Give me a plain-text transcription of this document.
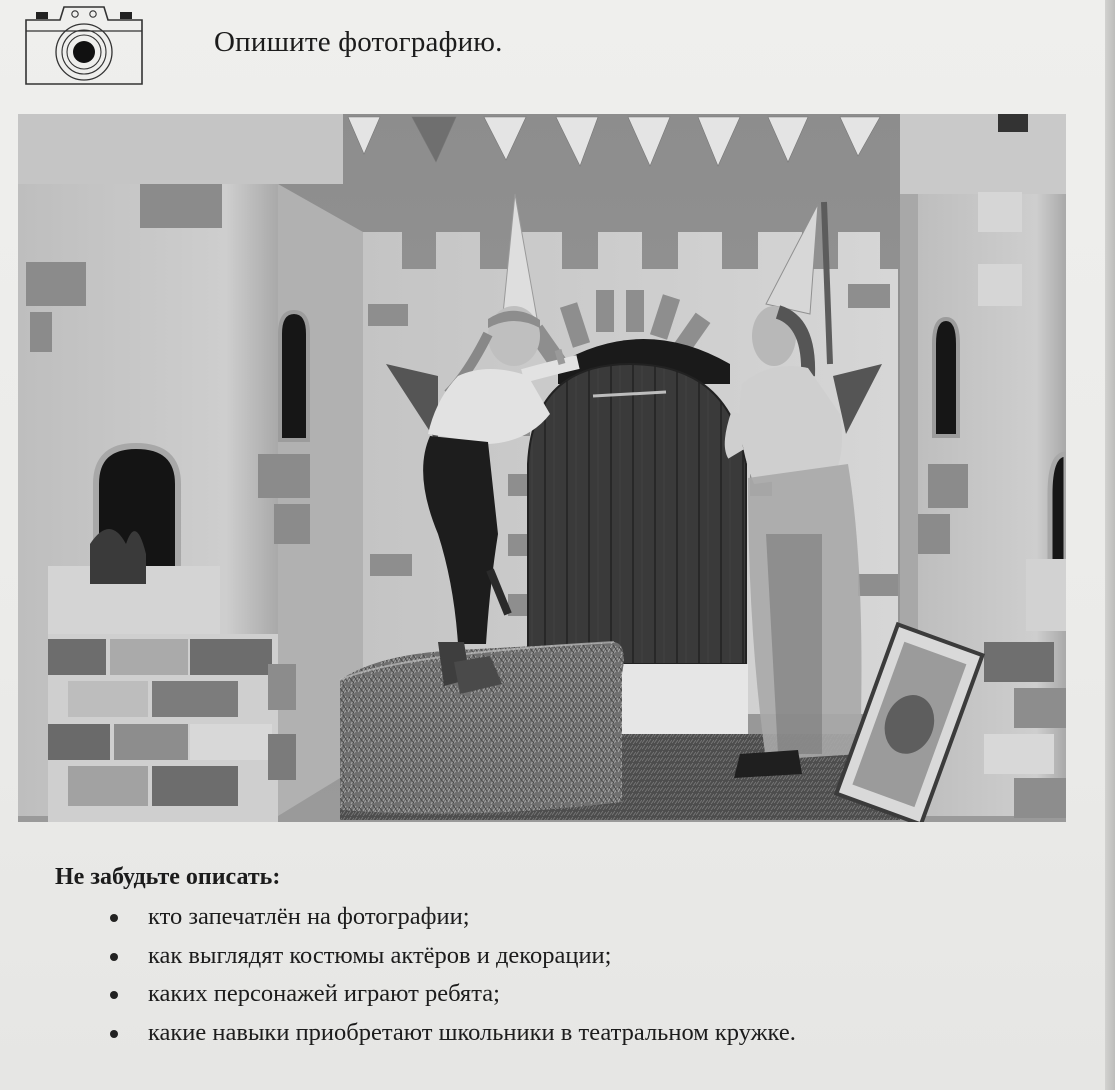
Опишите фотографию.
Не забудьте описать:
кто запечатлён на фотографии;
как выглядят костюмы актёров и декорации;
каких персонажей играют ребята;
какие навыки приобретают школьники в театральном кружке.
